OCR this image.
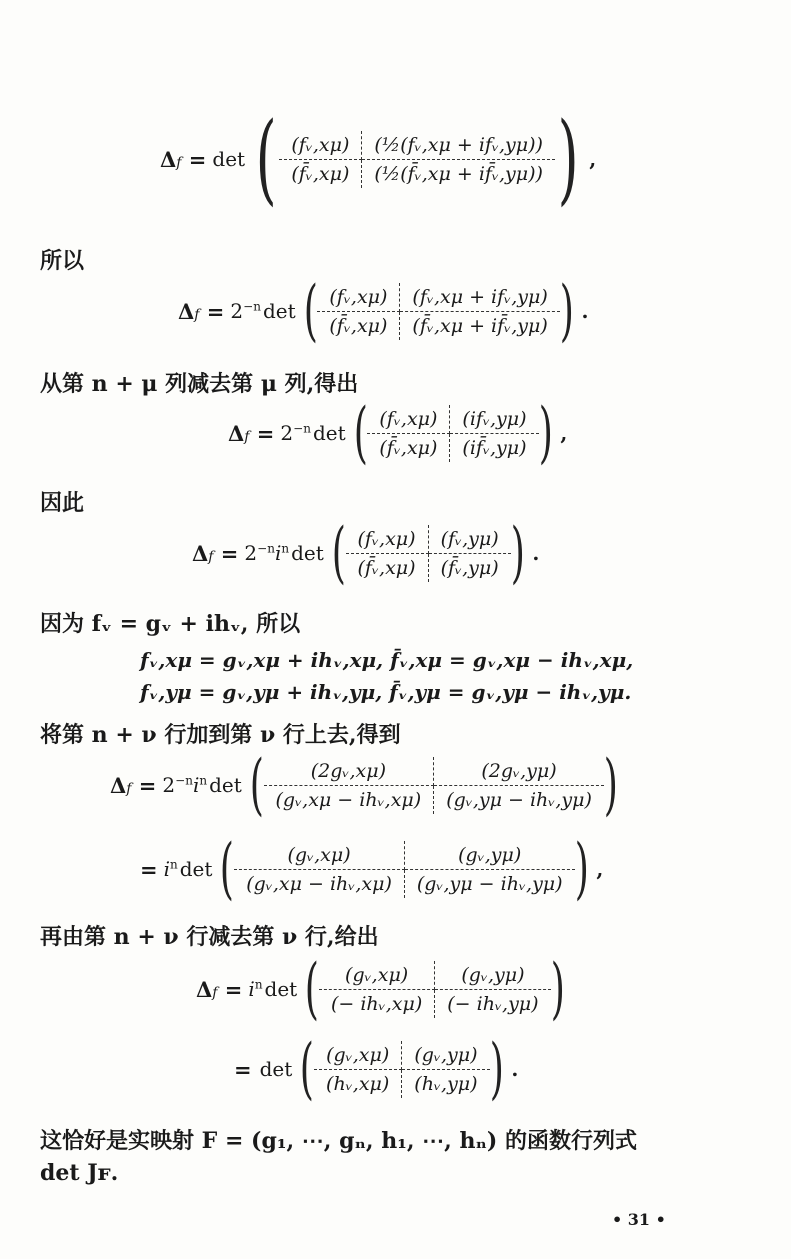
Δf = det ( (fᵥ,xμ)	(½(fᵥ,xμ + ifᵥ,yμ))
(f̄ᵥ,xμ)	(½(f̄ᵥ,xμ + if̄ᵥ,yμ)) ) ,
所以
$\Delta f = 2^{-n}$ det ( (fᵥ,xμ)	(fᵥ,xμ + ifᵥ,yμ)
(f̄ᵥ,xμ)	(f̄ᵥ,xμ + if̄ᵥ,yμ) ) .
从第 n + μ 列减去第 μ 列,得出
$\Delta f = 2^{-n}$ det ( (fᵥ,xμ)	(ifᵥ,yμ)
(f̄ᵥ,xμ)	(if̄ᵥ,yμ) ) ,
因此
$\Delta f = 2^{-n}i^n$ det ( (fᵥ,xμ)	(fᵥ,yμ)
(f̄ᵥ,xμ)	(f̄ᵥ,yμ) ) .
因为 fᵥ = gᵥ + ihᵥ, 所以
fᵥ,xμ = gᵥ,xμ + ihᵥ,xμ, f̄ᵥ,xμ = gᵥ,xμ − ihᵥ,xμ,
fᵥ,yμ = gᵥ,yμ + ihᵥ,yμ, f̄ᵥ,yμ = gᵥ,yμ − ihᵥ,yμ.
将第 n + ν 行加到第 ν 行上去,得到
$\Delta f = 2^{-n}i^n$ det (	(2gᵥ,xμ)	(2gᵥ,yμ)
(gᵥ,xμ − ihᵥ,xμ)	(gᵥ,yμ − ihᵥ,yμ) )
= $i^n$ det (	(gᵥ,xμ)	(gᵥ,yμ)
(gᵥ,xμ − ihᵥ,xμ)	(gᵥ,yμ − ihᵥ,yμ) ) ,
再由第 n + ν 行减去第 ν 行,给出
$\Delta f = i^n$ det (	(gᵥ,xμ)	(gᵥ,yμ)
(− ihᵥ,xμ)	(− ihᵥ,yμ) )
= det ( (gᵥ,xμ)	(gᵥ,yμ)
(hᵥ,xμ)	(hᵥ,yμ) ) .
这恰好是实映射 F = (g₁, ⋯, gₙ, h₁, ⋯, hₙ) 的函数行列式
det Jꜰ.
• 31 •
